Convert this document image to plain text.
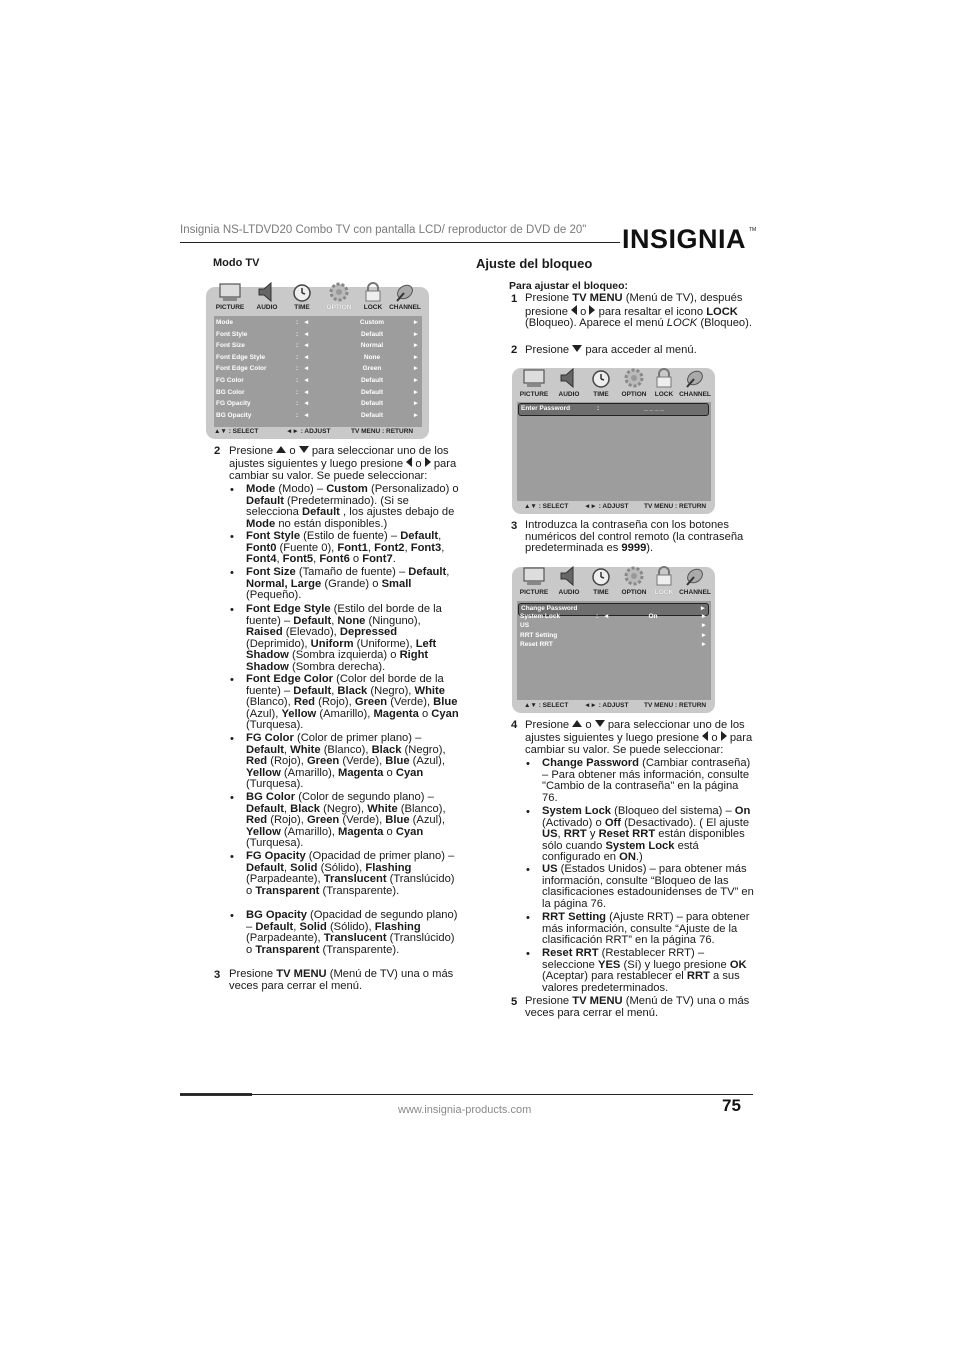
Insignia NS-LTDVD20 Combo TV con pantalla LCD/ reproductor de DVD de 20" INSIGNIA TM
Modo TV
PICTURE	AUDIO	TIME	OPTION	LOCK	CHANNEL
▲▼ : SELECT	◄► : ADJUST	TV MENU : RETURN
Mode	: ◄	Custom	►
Font Style	: ◄	Default	►
Font Size	: ◄	Normal	►
Font Edge Style	: ◄	None	►
Font Edge Color	: ◄	Green	►
FG Color	: ◄	Default	►
BG Color	: ◄	Default	►
FG Opacity	: ◄	Default	►
BG Opacity	: ◄	Default	►
2 Presione o para seleccionar uno de los ajustes siguientes y luego presione o para cambiar su valor. Se puede seleccionar:
• Mode (Modo) – Custom (Personalizado) o Default (Predeterminado). (Si se selecciona Default , los ajustes debajo de Mode no están disponibles.)
• Font Style (Estilo de fuente) – Default, Font0 (Fuente 0), Font1, Font2, Font3, Font4, Font5, Font6 o Font7.
• Font Size (Tamaño de fuente) – Default, Normal, Large (Grande) o Small (Pequeño).
• Font Edge Style (Estilo del borde de la fuente) – Default, None (Ninguno), Raised (Elevado), Depressed (Deprimido), Uniform (Uniforme), Left Shadow (Sombra izquierda) o Right Shadow (Sombra derecha).
• Font Edge Color (Color del borde de la fuente) – Default, Black (Negro), White (Blanco), Red (Rojo), Green (Verde), Blue (Azul), Yellow (Amarillo), Magenta o Cyan (Turquesa).
• FG Color (Color de primer plano) – Default, White (Blanco), Black (Negro), Red (Rojo), Green (Verde), Blue (Azul), Yellow (Amarillo), Magenta o Cyan (Turquesa).
• BG Color (Color de segundo plano) – Default, Black (Negro), White (Blanco), Red (Rojo), Green (Verde), Blue (Azul), Yellow (Amarillo), Magenta o Cyan (Turquesa).
• FG Opacity (Opacidad de primer plano) – Default, Solid (Sólido), Flashing (Parpadeante), Translucent (Translúcido) o Transparent (Transparente).
• BG Opacity (Opacidad de segundo plano) – Default, Solid (Sólido), Flashing (Parpadeante), Translucent (Translúcido) o Transparent (Transparente).
3 Presione TV MENU (Menú de TV) una o más veces para cerrar el menú.
Ajuste del bloqueo
Para ajustar el bloqueo:
1 Presione TV MENU (Menú de TV), después presione o para resaltar el icono LOCK (Bloqueo). Aparece el menú LOCK (Bloqueo).
2 Presione para acceder al menú.
PICTURE	AUDIO	TIME	OPTION	LOCK CHANNEL
▲▼ : SELECT ◄► : ADJUST TV MENU : RETURN
Enter Password	:	_ _ _ _
3 Introduzca la contraseña con los botones numéricos del control remoto (la contraseña predeterminada es 9999).
PICTURE	AUDIO	TIME	OPTION	LOCK CHANNEL
▲▼ : SELECT ◄► : ADJUST TV MENU : RETURN
Change Password	►
System Lock	: ◄	On	►
US	►
RRT Setting	►
Reset RRT	►
4 Presione o para seleccionar uno de los ajustes siguientes y luego presione o para cambiar su valor. Se puede seleccionar:
• Change Password (Cambiar contraseña) – Para obtener más información, consulte "Cambio de la contraseña" en la página 76.
• System Lock (Bloqueo del sistema) – On (Activado) o Off (Desactivado). ( El ajuste US, RRT y Reset RRT están disponibles sólo cuando System Lock está configurado en ON.)
• US (Estados Unidos) – para obtener más información, consulte “Bloqueo de las clasificaciones estadounidenses de TV” en la página 76.
• RRT Setting (Ajuste RRT) – para obtener más información, consulte “Ajuste de la clasificación RRT” en la página 76.
• Reset RRT (Restablecer RRT) – seleccione YES (Sí) y luego presione OK (Aceptar) para restablecer el RRT a sus valores predeterminados.
5 Presione TV MENU (Menú de TV) una o más veces para cerrar el menú.
www.insignia-products.com	75
